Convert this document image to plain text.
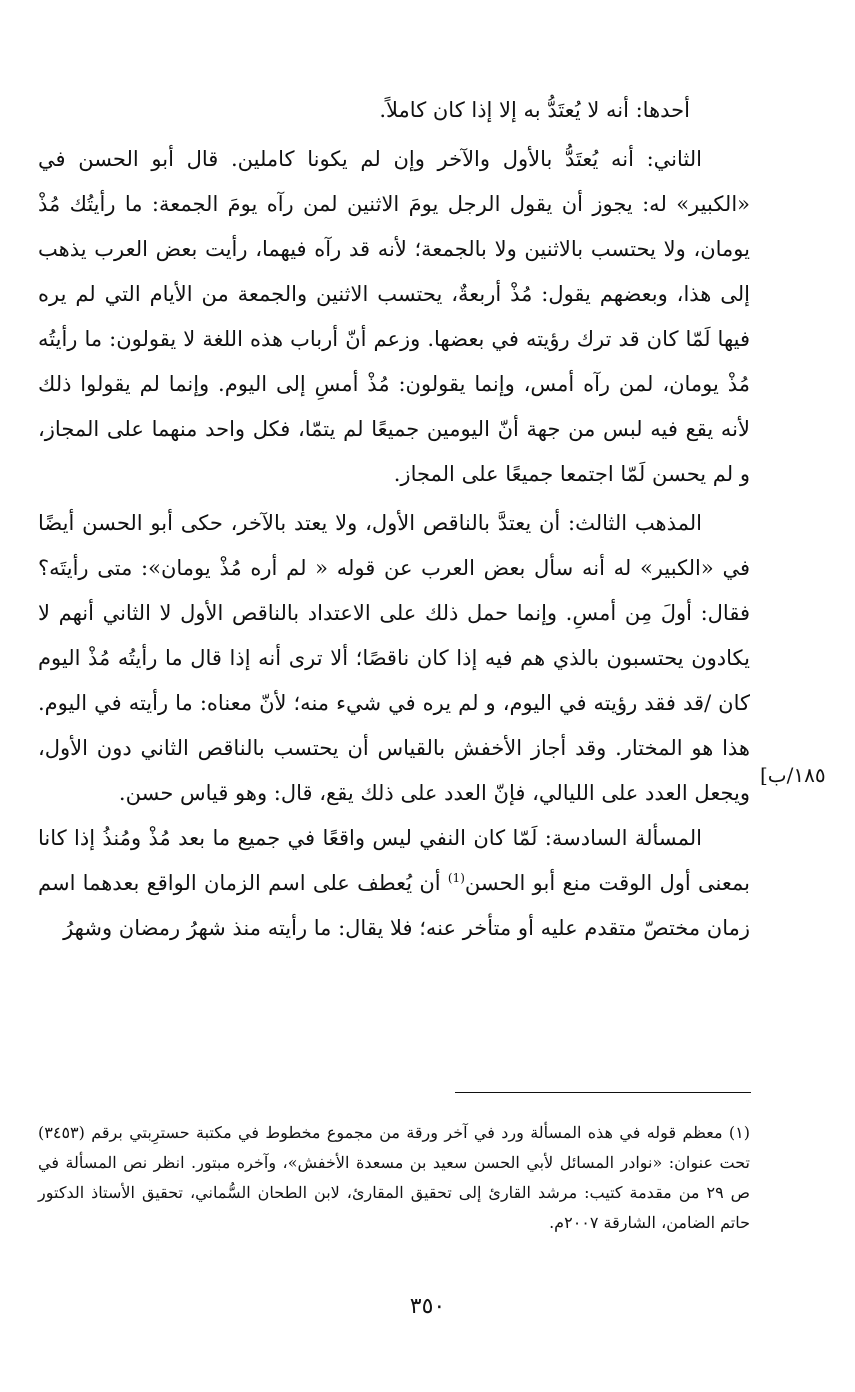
أحدها: أنه لا يُعتَدُّ به إلا إذا كان كاملاً.

الثاني: أنه يُعتَدُّ بالأول والآخر وإن لم يكونا كاملين. قال أبو الحسن في «الكبير» له: يجوز أن يقول الرجل يومَ الاثنين لمن رآه يومَ الجمعة: ما رأيتُك مُذْ يومان، ولا يحتسب بالاثنين ولا بالجمعة؛ لأنه قد رآه فيهما، رأيت بعض العرب يذهب إلى هذا، وبعضهم يقول: مُذْ أربعةٌ، يحتسب الاثنين والجمعة من الأيام التي لم يره فيها لَمّا كان قد ترك رؤيته في بعضها. وزعم أنّ أرباب هذه اللغة لا يقولون: ما رأيتُه مُذْ يومان، لمن رآه أمس، وإنما يقولون: مُذْ أمسِ إلى اليوم. وإنما لم يقولوا ذلك لأنه يقع فيه لبس من جهة أنّ اليومين جميعًا لم يتمّا، فكل واحد منهما على المجاز، و لم يحسن لَمّا اجتمعا جميعًا على المجاز.

المذهب الثالث: أن يعتدَّ بالناقص الأول، ولا يعتد بالآخر، حكى أبو الحسن أيضًا في «الكبير» له أنه سأل بعض العرب عن قوله « لم أره مُذْ يومان»: متى رأيتَه؟ فقال: أولَ مِن أمسِ. وإنما حمل ذلك على الاعتداد بالناقص الأول لا الثاني أنهم لا يكادون يحتسبون بالذي هم فيه إذا كان ناقصًا؛ ألا ترى أنه إذا قال ما رأيتُه مُذْ اليوم كان /قد فقد رؤيته في اليوم، و لم يره في شيء منه؛ لأنّ معناه: ما رأيته في اليوم. هذا هو المختار. وقد أجاز الأخفش بالقياس أن يحتسب بالناقص الثاني دون الأول، ويجعل العدد على الليالي، فإنّ العدد على ذلك يقع، قال: وهو قياس حسن.

المسألة السادسة: لَمّا كان النفي ليس واقعًا في جميع ما بعد مُذْ ومُنذُ إذا كانا بمعنى أول الوقت منع أبو الحسن$^{(1)}$ أن يُعطف على اسم الزمان الواقع بعدهما اسم زمان مختصّ متقدم عليه أو متأخر عنه؛ فلا يقال: ما رأيته منذ شهرُ رمضان وشهرُ

١٨٥/ب]

(١) معظم قوله في هذه المسألة ورد في آخر ورقة من مجموع مخطوط في مكتبة حسترِبتي برقم (٣٤٥٣) تحت عنوان: «نوادر المسائل لأبي الحسن سعيد بن مسعدة الأخفش»، وآخره مبتور. انظر نص المسألة في ص ٢٩ من مقدمة كتيب: مرشد القارئ إلى تحقيق المقارئ، لابن الطحان السُّماني، تحقيق الأستاذ الدكتور حاتم الضامن، الشارقة ٢٠٠٧م.

٣٥٠
